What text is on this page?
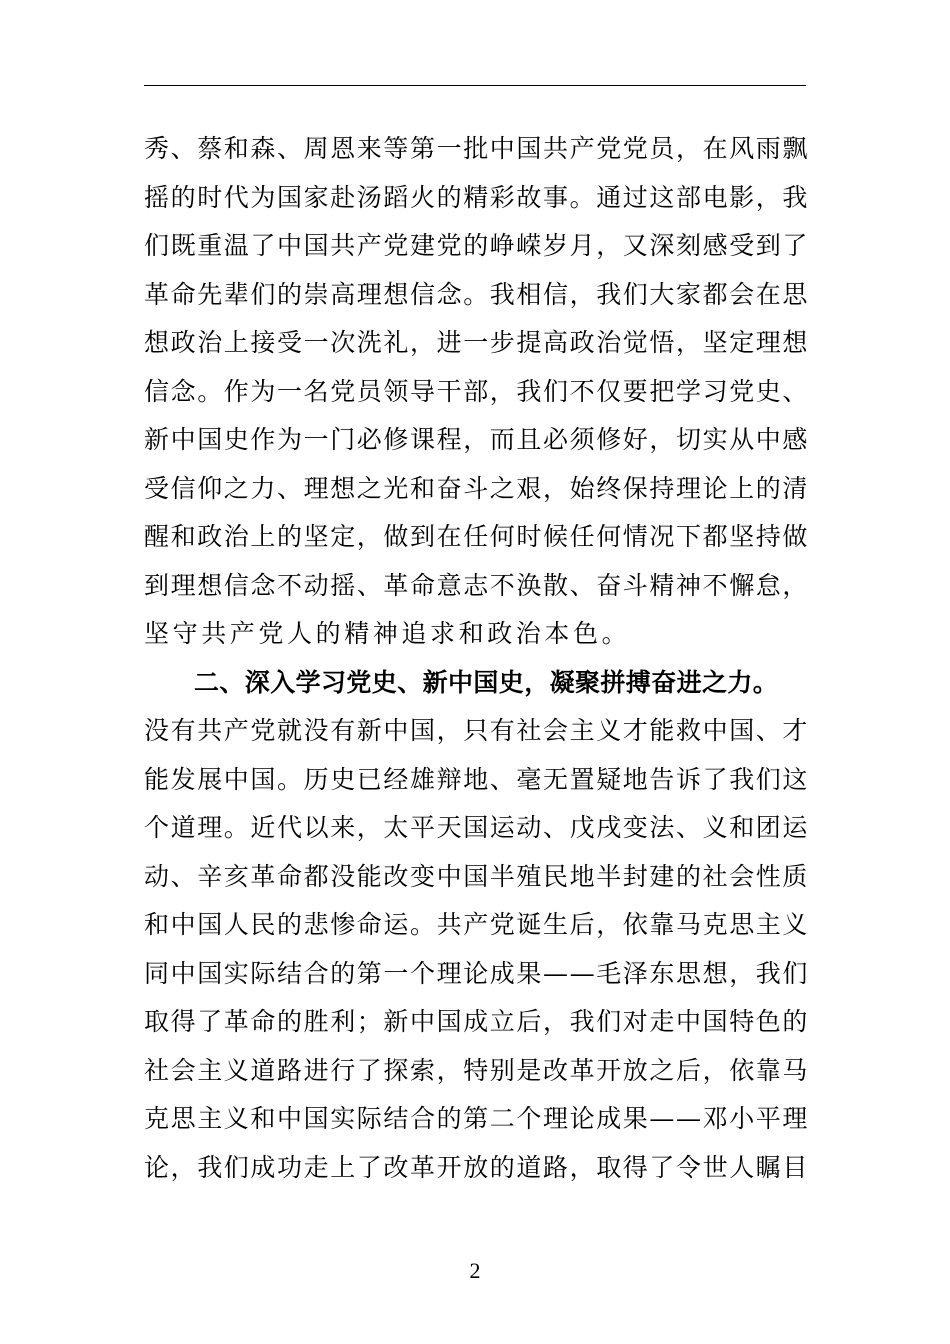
秀、蔡和森、周恩来等第一批中国共产党党员，在风雨飘
摇的时代为国家赴汤蹈火的精彩故事。通过这部电影，我
们既重温了中国共产党建党的峥嵘岁月，又深刻感受到了
革命先辈们的崇高理想信念。我相信，我们大家都会在思
想政治上接受一次洗礼，进一步提高政治觉悟，坚定理想
信念。作为一名党员领导干部，我们不仅要把学习党史、
新中国史作为一门必修课程，而且必须修好，切实从中感
受信仰之力、理想之光和奋斗之艰，始终保持理论上的清
醒和政治上的坚定，做到在任何时候任何情况下都坚持做
到理想信念不动摇、革命意志不涣散、奋斗精神不懈怠，
坚守共产党人的精神追求和政治本色。
二、深入学习党史、新中国史，凝聚拼搏奋进之力。
没有共产党就没有新中国，只有社会主义才能救中国、才
能发展中国。历史已经雄辩地、毫无置疑地告诉了我们这
个道理。近代以来，太平天国运动、戊戌变法、义和团运
动、辛亥革命都没能改变中国半殖民地半封建的社会性质
和中国人民的悲惨命运。共产党诞生后，依靠马克思主义
同中国实际结合的第一个理论成果——毛泽东思想，我们
取得了革命的胜利；新中国成立后，我们对走中国特色的
社会主义道路进行了探索，特别是改革开放之后，依靠马
克思主义和中国实际结合的第二个理论成果——邓小平理
论，我们成功走上了改革开放的道路，取得了令世人瞩目
2
